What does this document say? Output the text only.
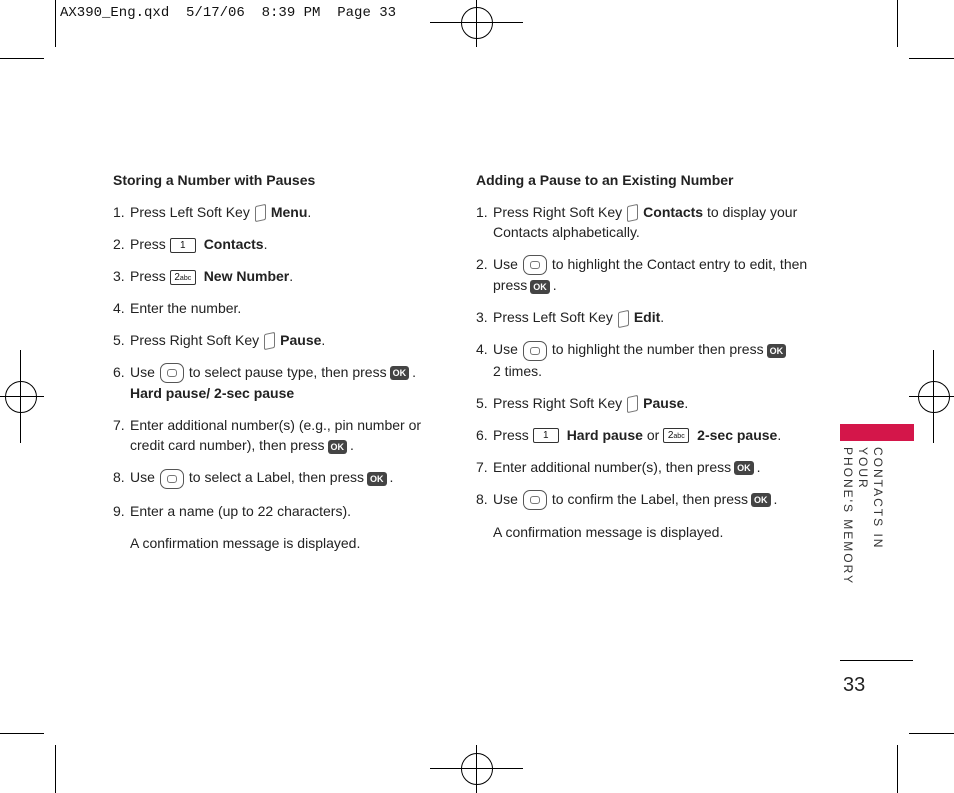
AX390_Eng.qxd  5/17/06  8:39 PM  Page 33
Storing a Number with Pauses
1. Press Left Soft Key Menu.
2. Press 1 Contacts.
3. Press 2abc New Number.
4. Enter the number.
5. Press Right Soft Key Pause.
6. Use to select pause type, then press OK .
Hard pause/ 2-sec pause
7. Enter additional number(s) (e.g., pin number or credit card number), then press OK .
8. Use to select a Label, then press OK .
9. Enter a name (up to 22 characters).
A confirmation message is displayed.
Adding a Pause to an Existing Number
1. Press Right Soft Key Contacts to display your Contacts alphabetically.
2. Use to highlight the Contact entry to edit, then press OK .
3. Press Left Soft Key Edit.
4. Use to highlight the number then press OK
2 times.
5. Press Right Soft Key Pause.
6. Press 1 Hard pause or 2abc 2-sec pause.
7. Enter additional number(s), then press OK .
8. Use to confirm the Label, then press OK .
A confirmation message is displayed.	CONTACTS IN YOUR
PHONE'S MEMORY
33
